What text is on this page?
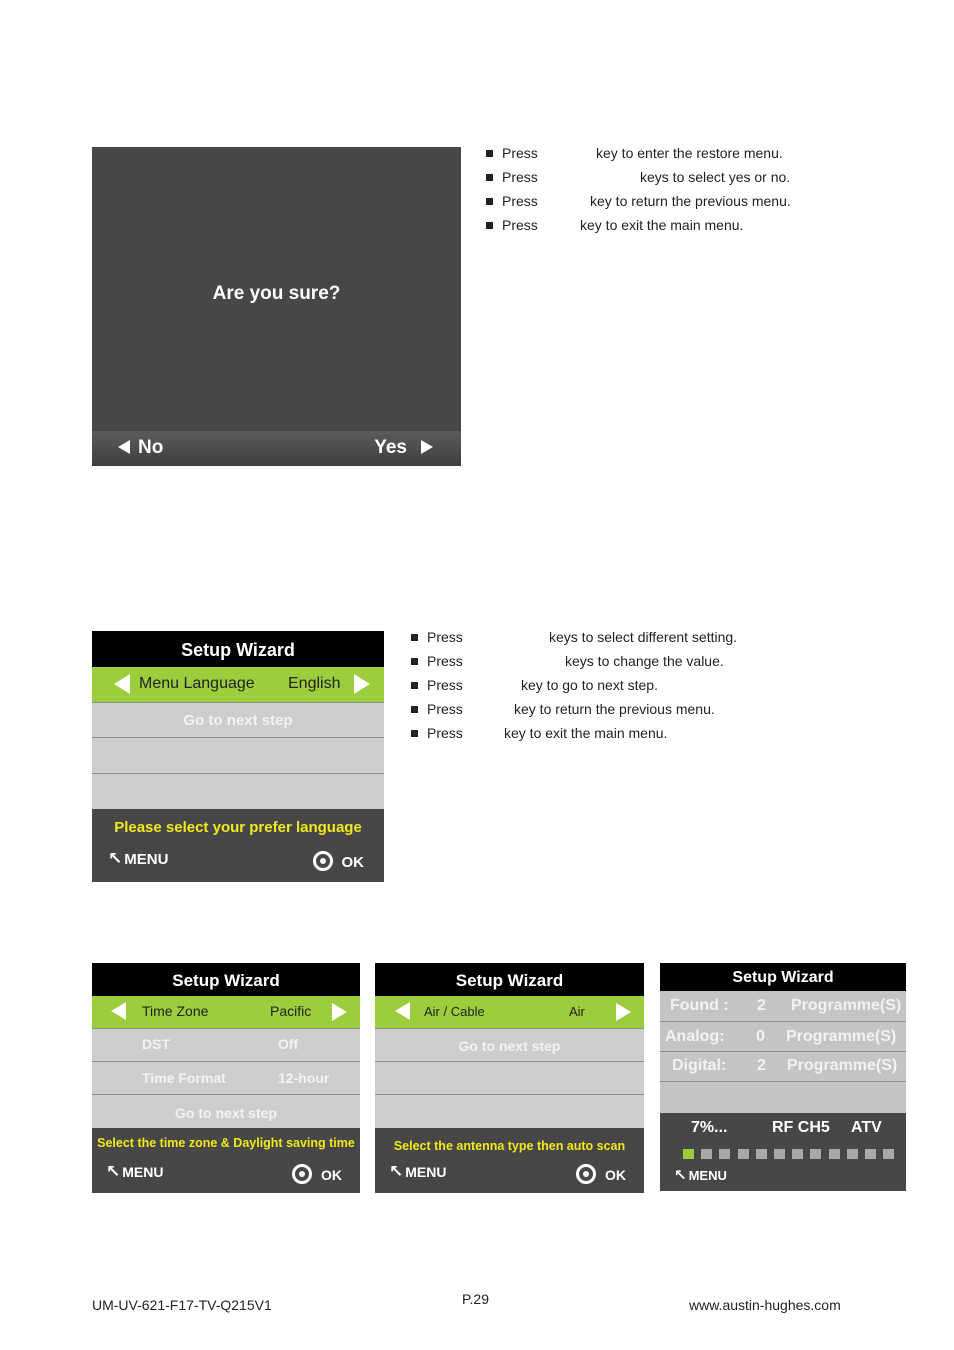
Are you sure?
No	Yes
Press	key to enter the restore menu.
Press	keys to select yes or no.
Press	key to return the previous menu.
Press	key to exit the main menu.
Setup Wizard
Menu Language English
Go to next step
Please select your prefer language
↖ MENU	OK
Press	keys to select different setting.
Press	keys to change the value.
Press	key to go to next step.
Press	key to return the previous menu.
Press	key to exit the main menu.
Setup Wizard
Time Zone	Pacific
DST	Off
Time Format	12-hour
Go to next step
Select the time zone & Daylight saving time
↖ MENU	OK
Setup Wizard
Air / Cable	Air
Go to next step
Select the antenna type then auto scan
↖ MENU	OK
Setup Wizard
Found : 2 Programme(S)
Analog: 0 Programme(S)
Digital: 2 Programme(S)
7%...	RF CH5 ATV
↖ MENU
UM-UV-621-F17-TV-Q215V1	P.29	www.austin-hughes.com
